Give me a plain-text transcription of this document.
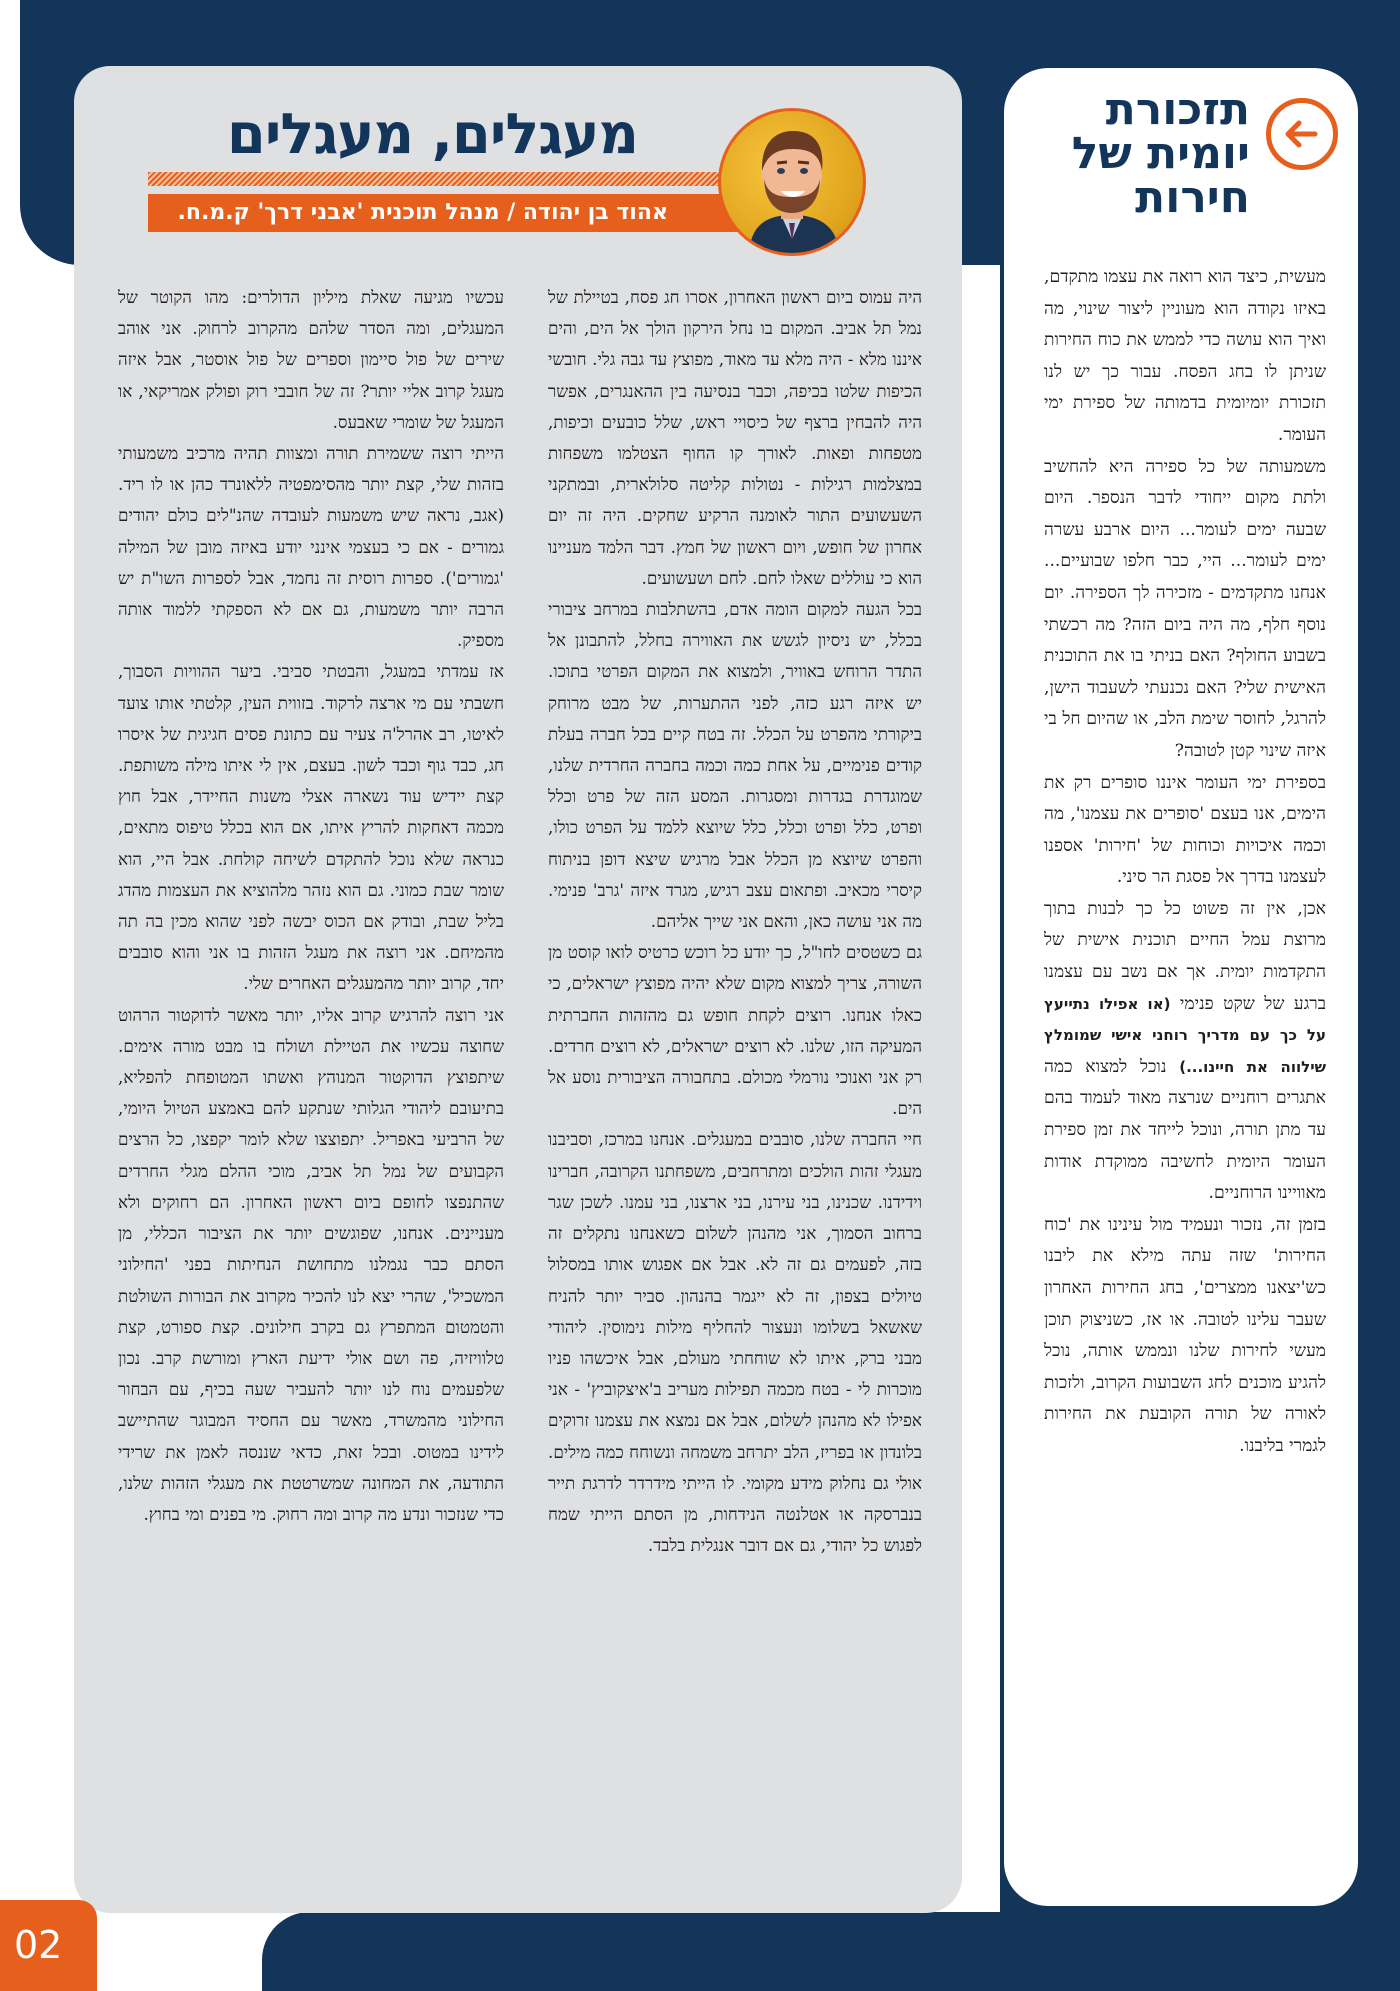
מעגלים, מעגלים
אהוד בן יהודה / מנהל תוכנית 'אבני דרך' ק.מ.ח.

היה עמוס ביום ראשון האחרון, אסרו חג פסח, בטיילת של נמל תל אביב. המקום בו נחל הירקון הולך אל הים, והים איננו מלא - היה מלא עד מאוד, מפוצץ עד גבה גלי. חובשי הכיפות שלטו בכיפה, וכבר בנסיעה בין ההאנגרים, אפשר היה להבחין ברצף של כיסויי ראש, שלל כובעים וכיפות, מטפחות ופאות. לאורך קו החוף הצטלמו משפחות במצלמות רגילות - נטולות קליטה סלולארית, ובמתקני השעשועים התור לאומנה הרקיע שחקים. היה זה יום אחרון של חופש, ויום ראשון של חמץ. דבר הלמד מעניינו הוא כי עוללים שאלו לחם. לחם ושעשועים.

בכל הגעה למקום הומה אדם, בהשתלבות במרחב ציבורי בכלל, יש ניסיון לגשש את האווירה בחלל, להתבונן אל התדר הרוחש באוויר, ולמצוא את המקום הפרטי בתוכו. יש איזה רגע כזה, לפני ההתערות, של מבט מרוחק ביקורתי מהפרט על הכלל. זה בטח קיים בכל חברה בעלת קודים פנימיים, על אחת כמה וכמה בחברה החרדית שלנו, שמוגדרת בגדרות ומסגרות. המסע הזה של פרט וכלל ופרט, כלל ופרט וכלל, כלל שיוצא ללמד על הפרט כולו, והפרט שיוצא מן הכלל אבל מרגיש שיצא דופן בניתוח קיסרי מכאיב. ופתאום עצב רגיש, מגרד איזה 'גרב' פנימי. מה אני עושה כאן, והאם אני שייך אליהם.

גם כשטסים לחו"ל, כך יודע כל רוכש כרטיס לואו קוסט מן השורה, צריך למצוא מקום שלא יהיה מפוצץ ישראלים, כי כאלו אנחנו. רוצים לקחת חופש גם מהזהות החברתית המעיקה הזו, שלנו. לא רוצים ישראלים, לא רוצים חרדים. רק אני ואנוכי נורמלי מכולם. בתחבורה הציבורית נוסע אל הים.

חיי החברה שלנו, סובבים במעגלים. אנחנו במרכז, וסביבנו מעגלי זהות הולכים ומתרחבים, משפחתנו הקרובה, חברינו וידידנו. שכנינו, בני עירנו, בני ארצנו, בני עמנו. לשכן שגר ברחוב הסמוך, אני מהנהן לשלום כשאנחנו נתקלים זה בזה, לפעמים גם זה לא. אבל אם אפגוש אותו במסלול טיולים בצפון, זה לא ייגמר בהנהון. סביר יותר להניח שאשאל בשלומו ונעצור להחליף מילות נימוסין. ליהודי מבני ברק, איתו לא שוחחתי מעולם, אבל איכשהו פניו מוכרות לי - בטח מכמה תפילות מעריב ב'איצקוביץ' - אני אפילו לא מהנהן לשלום, אבל אם נמצא את עצמנו זרוקים בלונדון או בפריז, הלב יתרחב משמחה ונשוחח כמה מילים. אולי גם נחלוק מידע מקומי. לו הייתי מידרדר לדרגת תייר בנברסקה או אטלנטה הנידחות, מן הסתם הייתי שמח לפגוש כל יהודי, גם אם דובר אנגלית בלבד.

עכשיו מגיעה שאלת מיליון הדולרים: מהו הקוטר של המעגלים, ומה הסדר שלהם מהקרוב לרחוק. אני אוהב שירים של פול סיימון וספרים של פול אוסטר, אבל איזה מעגל קרוב אליי יותר? זה של חובבי רוק ופולק אמריקאי, או המעגל של שומרי שאבעס.

הייתי רוצה ששמירת תורה ומצוות תהיה מרכיב משמעותי בזהות שלי, קצת יותר מהסימפטיה ללאונרד כהן או לו ריד. (אגב, נראה שיש משמעות לעובדה שהנ"לים כולם יהודים גמורים - אם כי בעצמי אינני יודע באיזה מובן של המילה 'גמורים'). ספרות רוסית זה נחמד, אבל לספרות השו"ת יש הרבה יותר משמעות, גם אם לא הספקתי ללמוד אותה מספיק.

אז עמדתי במעגל, והבטתי סביבי. ביער ההוויות הסבוך, חשבתי עם מי ארצה לרקוד. בזווית העין, קלטתי אותו צועד לאיטו, רב אהרל'ה צעיר עם כתונת פסים חגיגית של איסרו חג, כבד גוף וכבד לשון. בעצם, אין לי איתו מילה משותפת. קצת יידיש עוד נשארה אצלי משנות החיידר, אבל חוץ מכמה דאחקות להריץ איתו, אם הוא בכלל טיפוס מתאים, כנראה שלא נוכל להתקדם לשיחה קולחת. אבל היי, הוא שומר שבת כמוני. גם הוא נזהר מלהוציא את העצמות מהדג בליל שבת, ובודק אם הכוס יבשה לפני שהוא מכין בה תה מהמיחם. אני רוצה את מעגל הזהות בו אני והוא סובבים יחד, קרוב יותר מהמעגלים האחרים שלי.

אני רוצה להרגיש קרוב אליו, יותר מאשר לדוקטור הרהוט שחוצה עכשיו את הטיילת ושולח בו מבט מורה אימים. שיתפוצץ הדוקטור המנוהץ ואשתו המטופחת להפליא, בתיעובם ליהודי הגלותי שנתקע להם באמצע הטיול היומי, של הרביעי באפריל. יתפוצצו שלא לומר יקפצו, כל הרצים הקבועים של נמל תל אביב, מוכי ההלם מגלי החרדים שהתנפצו לחופם ביום ראשון האחרון. הם רחוקים ולא מעניינים. אנחנו, שפוגשים יותר את הציבור הכללי, מן הסתם כבר נגמלנו מתחושת הנחיתות בפני 'החילוני המשכיל', שהרי יצא לנו להכיר מקרוב את הבורות השולטת והטמטום המתפרץ גם בקרב חילונים. קצת ספורט, קצת טלוויזיה, פה ושם אולי ידיעת הארץ ומורשת קרב. נכון שלפעמים נוח לנו יותר להעביר שעה בכיף, עם הבחור החילוני מהמשרד, מאשר עם החסיד המבוגר שהתיישב לידינו במטוס. ובכל זאת, כדאי שננסה לאמן את שרידי התודעה, את המחונה שמשרטטת את מעגלי הזהות שלנו, כדי שנזכור ונדע מה קרוב ומה רחוק. מי בפנים ומי בחוץ.

תזכורת
יומית של
חירות

מעשית, כיצד הוא רואה את עצמו מתקדם, באיזו נקודה הוא מעוניין ליצור שינוי, מה ואיך הוא עושה כדי לממש את כוח החירות שניתן לו בחג הפסח. עבור כך יש לנו תזכורת יומיומית בדמותה של ספירת ימי העומר.

משמעותה של כל ספירה היא להחשיב ולתת מקום ייחודי לדבר הנספר. היום שבעה ימים לעומר... היום ארבע עשרה ימים לעומר... היי, כבר חלפו שבועיים... אנחנו מתקדמים - מזכירה לך הספירה. יום נוסף חלף, מה היה ביום הזה? מה רכשתי בשבוע החולף? האם בניתי בו את התוכנית האישית שלי? האם נכנעתי לשעבוד הישן, להרגל, לחוסר שימת הלב, או שהיום חל בי איזה שינוי קטן לטובה?

בספירת ימי העומר איננו סופרים רק את הימים, אנו בעצם 'סופרים את עצמנו', מה וכמה איכויות וכוחות של 'חירות' אספנו לעצמנו בדרך אל פסגת הר סיני.

אכן, אין זה פשוט כל כך לבנות בתוך מרוצת עמל החיים תוכנית אישית של התקדמות יומית. אך אם נשב עם עצמנו ברגע של שקט פנימי (או אפילו נתייעץ על כך עם מדריך רוחני אישי שמומלץ שילווה את חיינו...) נוכל למצוא כמה אתגרים רוחניים שנרצה מאוד לעמוד בהם עד מתן תורה, ונוכל לייחד את זמן ספירת העומר היומית לחשיבה ממוקדת אודות מאוויינו הרוחניים.

בזמן זה, נזכור ונעמיד מול עינינו את 'כוח החירות' שזה עתה מילא את ליבנו כש'יצאנו ממצרים', בחג החירות האחרון שעבר עלינו לטובה. או אז, כשניצוק תוכן מעשי לחירות שלנו ונממש אותה, נוכל להגיע מוכנים לחג השבועות הקרוב, ולזכות לאורה של תורה הקובעת את החירות לגמרי בליבנו.

02
